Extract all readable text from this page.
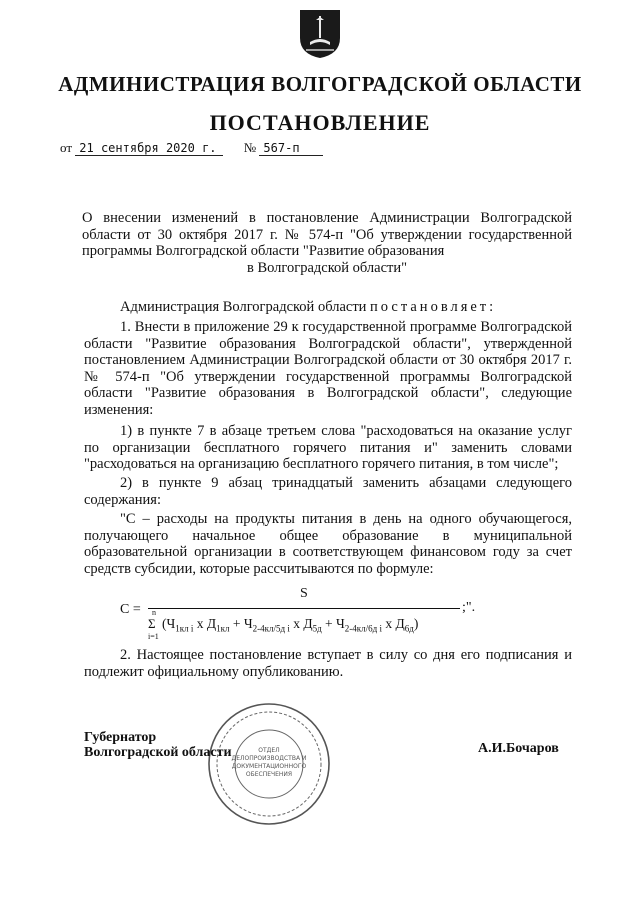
АДМИНИСТРАЦИЯ ВОЛГОГРАДСКОЙ ОБЛАСТИ
ПОСТАНОВЛЕНИЕ
от 21 сентября 2020 г. № 567-п
О внесении изменений в постановление Администрации Волгоградской области от 30 октября 2017 г. № 574-п "Об утверждении государственной программы Волгоградской области "Развитие образования
в Волгоградской области"
Администрация Волгоградской области постановляет:
1. Внести в приложение 29 к государственной программе Волгоградской области "Развитие образования Волгоградской области", утвержденной постановлением Администрации Волгоградской области от 30 октября 2017 г. № 574-п "Об утверждении государственной программы Волгоградской области "Развитие образования в Волгоградской области", следующие изменения:
1) в пункте 7 в абзаце третьем слова "расходоваться на оказание услуг по организации бесплатного горячего питания и" заменить словами "расходоваться на организацию бесплатного горячего питания, в том числе";
2) в пункте 9 абзац тринадцатый заменить абзацами следующего содержания:
"С – расходы на продукты питания в день на одного обучающегося, получающего начальное общее образование в муниципальной образовательной организации в соответствующем финансовом году за счет средств субсидии, которые рассчитываются по формуле:
С =
S
n
Σ
i=1
($Ч_{1кл i}$ х $Д_{1кл} + Ч_{2-4кл/5д i}$ х $Д_{5д} + Ч_{2-4кл/6д i}$ х $Д_{6д}$)
;".
2. Настоящее постановление вступает в силу со дня его подписания и подлежит официальному опубликованию.
ОТДЕЛ
ДЕЛОПРОИЗВОДСТВА И
ДОКУМЕНТАЦИОННОГО
ОБЕСПЕЧЕНИЯ
Губернатор
Волгоградской области	А.И.Бочаров
